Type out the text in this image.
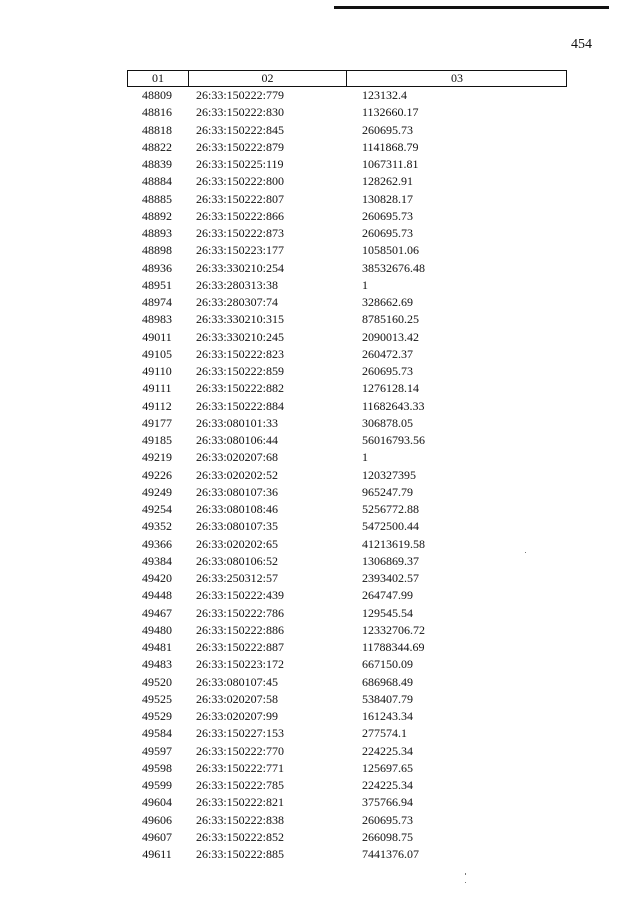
454
01	02	03
48809	26:33:150222:779	123132.4
48816	26:33:150222:830	1132660.17
48818	26:33:150222:845	260695.73
48822	26:33:150222:879	1141868.79
48839	26:33:150225:119	1067311.81
48884	26:33:150222:800	128262.91
48885	26:33:150222:807	130828.17
48892	26:33:150222:866	260695.73
48893	26:33:150222:873	260695.73
48898	26:33:150223:177	1058501.06
48936	26:33:330210:254	38532676.48
48951	26:33:280313:38	1
48974	26:33:280307:74	328662.69
48983	26:33:330210:315	8785160.25
49011	26:33:330210:245	2090013.42
49105	26:33:150222:823	260472.37
49110	26:33:150222:859	260695.73
49111	26:33:150222:882	1276128.14
49112	26:33:150222:884	11682643.33
49177	26:33:080101:33	306878.05
49185	26:33:080106:44	56016793.56
49219	26:33:020207:68	1
49226	26:33:020202:52	120327395
49249	26:33:080107:36	965247.79
49254	26:33:080108:46	5256772.88
49352	26:33:080107:35	5472500.44
49366	26:33:020202:65	41213619.58
49384	26:33:080106:52	1306869.37
49420	26:33:250312:57	2393402.57
49448	26:33:150222:439	264747.99
49467	26:33:150222:786	129545.54
49480	26:33:150222:886	12332706.72
49481	26:33:150222:887	11788344.69
49483	26:33:150223:172	667150.09
49520	26:33:080107:45	686968.49
49525	26:33:020207:58	538407.79
49529	26:33:020207:99	161243.34
49584	26:33:150227:153	277574.1
49597	26:33:150222:770	224225.34
49598	26:33:150222:771	125697.65
49599	26:33:150222:785	224225.34
49604	26:33:150222:821	375766.94
49606	26:33:150222:838	260695.73
49607	26:33:150222:852	266098.75
49611	26:33:150222:885	7441376.07
